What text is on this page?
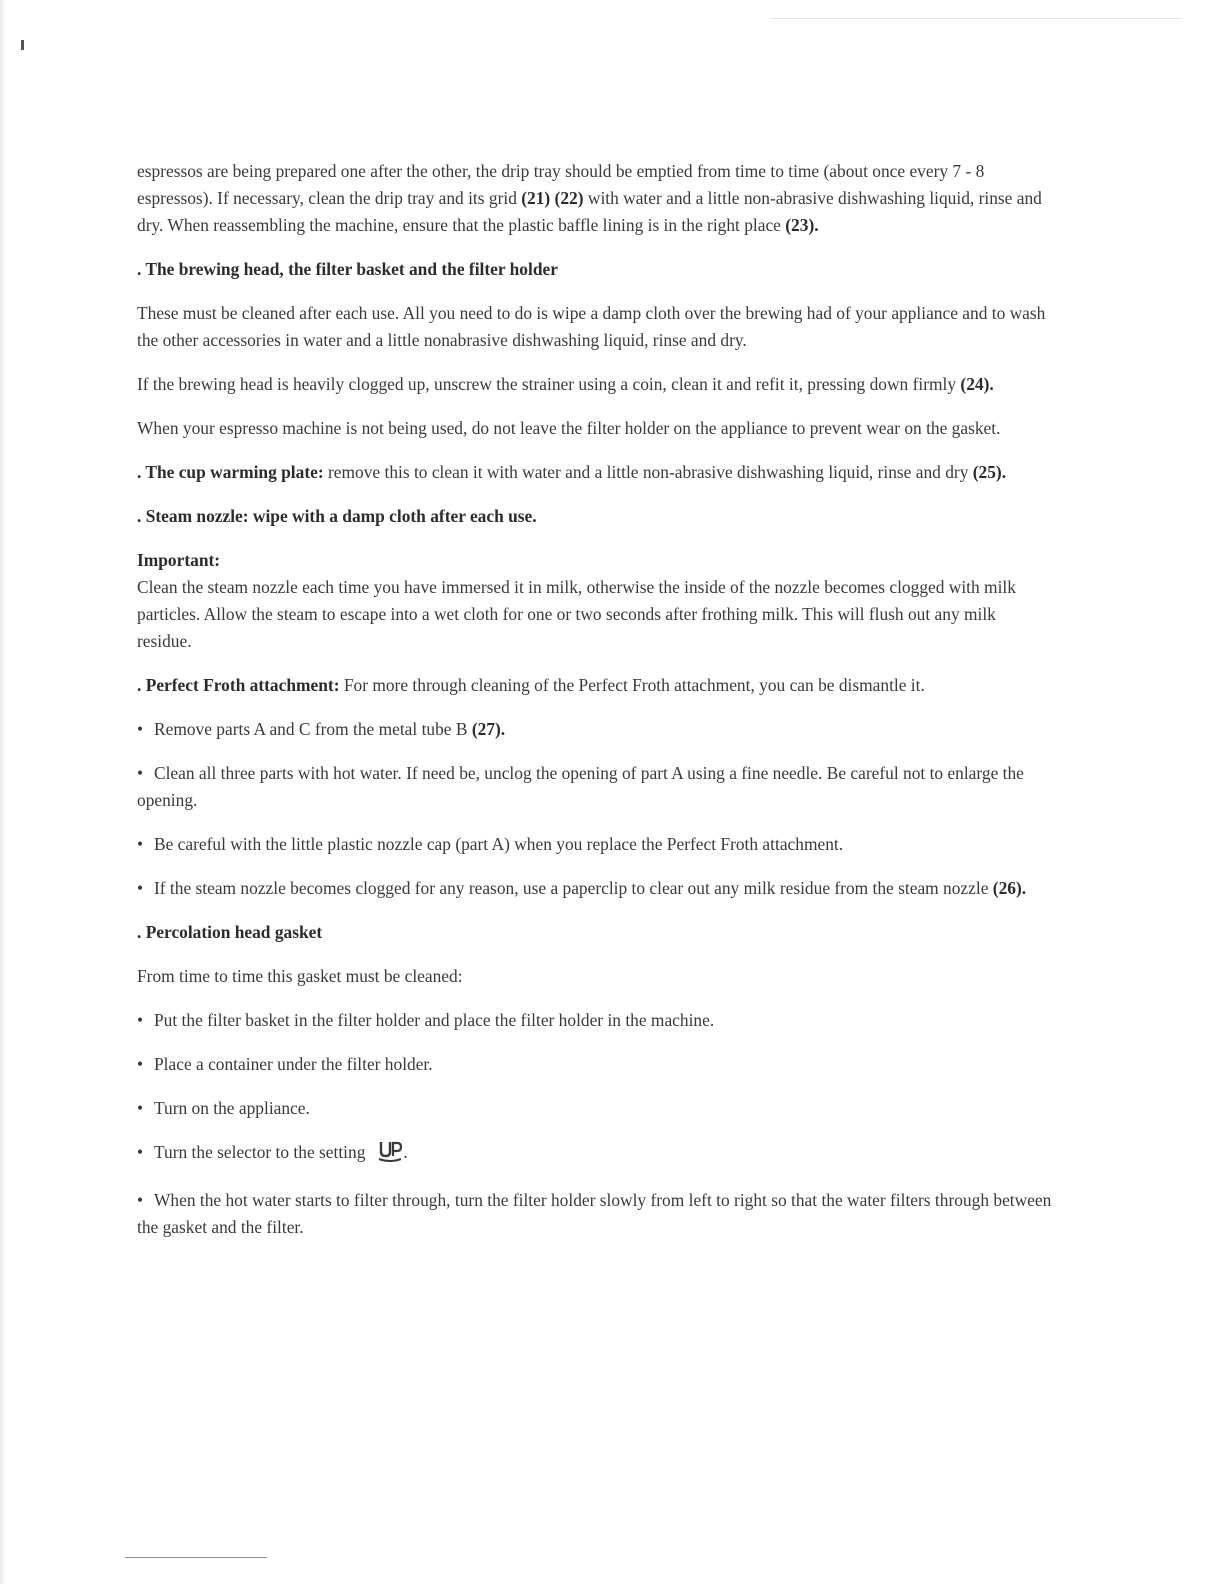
espressos are being prepared one after the other, the drip tray should be emptied from time to time (about once every 7 - 8 espressos). If necessary, clean the drip tray and its grid (21) (22) with water and a little non-abrasive dishwashing liquid, rinse and dry. When reassembling the machine, ensure that the plastic baffle lining is in the right place (23).

. The brewing head, the filter basket and the filter holder

These must be cleaned after each use. All you need to do is wipe a damp cloth over the brewing had of your appliance and to wash the other accessories in water and a little nonabrasive dishwashing liquid, rinse and dry.

If the brewing head is heavily clogged up, unscrew the strainer using a coin, clean it and refit it, pressing down firmly (24).

When your espresso machine is not being used, do not leave the filter holder on the appliance to prevent wear on the gasket.

. The cup warming plate: remove this to clean it with water and a little non-abrasive dishwashing liquid, rinse and dry (25).

. Steam nozzle: wipe with a damp cloth after each use.

Important:
Clean the steam nozzle each time you have immersed it in milk, otherwise the inside of the nozzle becomes clogged with milk particles. Allow the steam to escape into a wet cloth for one or two seconds after frothing milk. This will flush out any milk residue.

. Perfect Froth attachment: For more through cleaning of the Perfect Froth attachment, you can be dismantle it.

• Remove parts A and C from the metal tube B (27).

• Clean all three parts with hot water. If need be, unclog the opening of part A using a fine needle. Be careful not to enlarge the opening.

• Be careful with the little plastic nozzle cap (part A) when you replace the Perfect Froth attachment.

• If the steam nozzle becomes clogged for any reason, use a paperclip to clear out any milk residue from the steam nozzle (26).

. Percolation head gasket

From time to time this gasket must be cleaned:

• Put the filter basket in the filter holder and place the filter holder in the machine.

• Place a container under the filter holder.

• Turn on the appliance.

• Turn the selector to the setting .

• When the hot water starts to filter through, turn the filter holder slowly from left to right so that the water filters through between the gasket and the filter.
